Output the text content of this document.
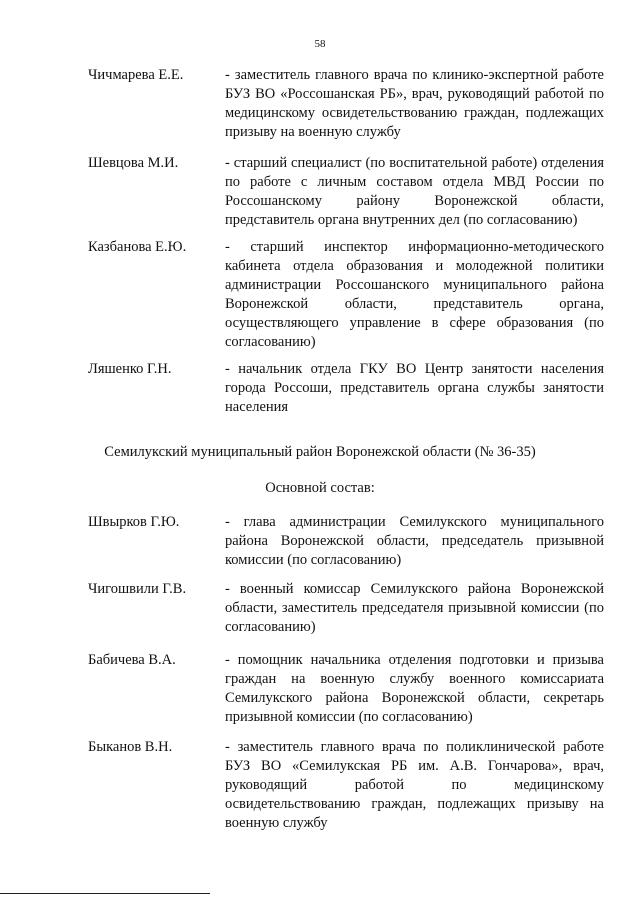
58
Чичмарева Е.Е.	- заместитель главного врача по клинико-экспертной работе БУЗ ВО «Россошанская РБ», врач, руководящий работой по медицинскому освидетельствованию граждан, подлежащих призыву на военную службу
Шевцова М.И.	- старший специалист (по воспитательной работе) отделения по работе с личным составом отдела МВД России по Россошанскому району Воронежской области, представитель органа внутренних дел (по согласованию)
Казбанова Е.Ю.	- старший инспектор информационно-методического кабинета отдела образования и молодежной политики администрации Россошанского муниципального района Воронежской области, представитель органа, осуществляющего управление в сфере образования (по согласованию)
Ляшенко Г.Н.	- начальник отдела ГКУ ВО Центр занятости населения города Россоши, представитель органа службы занятости населения
Семилукский муниципальный район Воронежской области (№ 36-35)
Основной состав:
Швырков Г.Ю.	- глава администрации Семилукского муниципального района Воронежской области, председатель призывной комиссии (по согласованию)
Чигошвили Г.В.	- военный комиссар Семилукского района Воронежской области, заместитель председателя призывной комиссии (по согласованию)
Бабичева В.А.	- помощник начальника отделения подготовки и призыва граждан на военную службу военного комиссариата Семилукского района Воронежской области, секретарь призывной комиссии (по согласованию)
Быканов В.Н.	- заместитель главного врача по поликлинической работе БУЗ ВО «Семилукская РБ им. А.В. Гончарова», врач, руководящий работой по медицинскому освидетельствованию граждан, подлежащих призыву на военную службу
